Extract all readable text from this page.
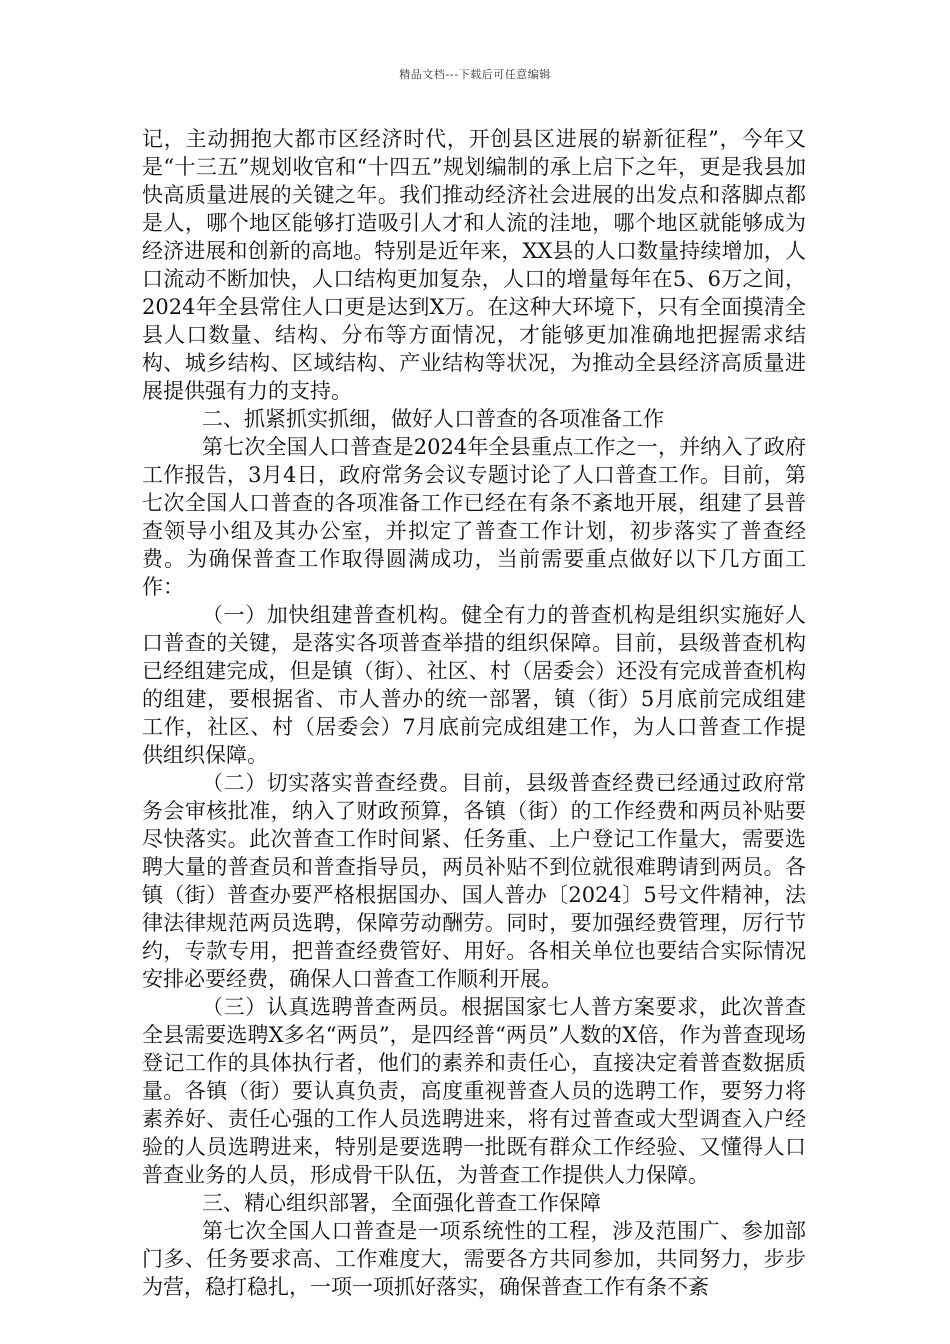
精品文档---下载后可任意编辑

记，主动拥抱大都市区经济时代，开创县区进展的崭新征程”，今年又是“十三五”规划收官和“十四五”规划编制的承上启下之年，更是我县加快高质量进展的关键之年。我们推动经济社会进展的出发点和落脚点都是人，哪个地区能够打造吸引人才和人流的洼地，哪个地区就能够成为经济进展和创新的高地。特别是近年来，XX县的人口数量持续增加，人口流动不断加快，人口结构更加复杂，人口的增量每年在5、6万之间，2024年全县常住人口更是达到X万。在这种大环境下，只有全面摸清全县人口数量、结构、分布等方面情况，才能够更加准确地把握需求结构、城乡结构、区域结构、产业结构等状况，为推动全县经济高质量进展提供强有力的支持。

二、抓紧抓实抓细，做好人口普查的各项准备工作

第七次全国人口普查是2024年全县重点工作之一，并纳入了政府工作报告，3月4日，政府常务会议专题讨论了人口普查工作。目前，第七次全国人口普查的各项准备工作已经在有条不紊地开展，组建了县普查领导小组及其办公室，并拟定了普查工作计划，初步落实了普查经费。为确保普查工作取得圆满成功，当前需要重点做好以下几方面工作：

（一）加快组建普查机构。健全有力的普查机构是组织实施好人口普查的关键，是落实各项普查举措的组织保障。目前，县级普查机构已经组建完成，但是镇（街）、社区、村（居委会）还没有完成普查机构的组建，要根据省、市人普办的统一部署，镇（街）5月底前完成组建工作，社区、村（居委会）7月底前完成组建工作，为人口普查工作提供组织保障。

（二）切实落实普查经费。目前，县级普查经费已经通过政府常务会审核批准，纳入了财政预算，各镇（街）的工作经费和两员补贴要尽快落实。此次普查工作时间紧、任务重、上户登记工作量大，需要选聘大量的普查员和普查指导员，两员补贴不到位就很难聘请到两员。各镇（街）普查办要严格根据国办、国人普办〔2024〕5号文件精神，法律法律规范两员选聘，保障劳动酬劳。同时，要加强经费管理，厉行节约，专款专用，把普查经费管好、用好。各相关单位也要结合实际情况安排必要经费，确保人口普查工作顺利开展。

（三）认真选聘普查两员。根据国家七人普方案要求，此次普查全县需要选聘X多名“两员”，是四经普“两员”人数的X倍，作为普查现场登记工作的具体执行者，他们的素养和责任心，直接决定着普查数据质量。各镇（街）要认真负责，高度重视普查人员的选聘工作，要努力将素养好、责任心强的工作人员选聘进来，将有过普查或大型调查入户经验的人员选聘进来，特别是要选聘一批既有群众工作经验、又懂得人口普查业务的人员，形成骨干队伍，为普查工作提供人力保障。

三、精心组织部署，全面强化普查工作保障

第七次全国人口普查是一项系统性的工程，涉及范围广、参加部门多、任务要求高、工作难度大，需要各方共同参加，共同努力，步步为营，稳打稳扎，一项一项抓好落实，确保普查工作有条不紊
